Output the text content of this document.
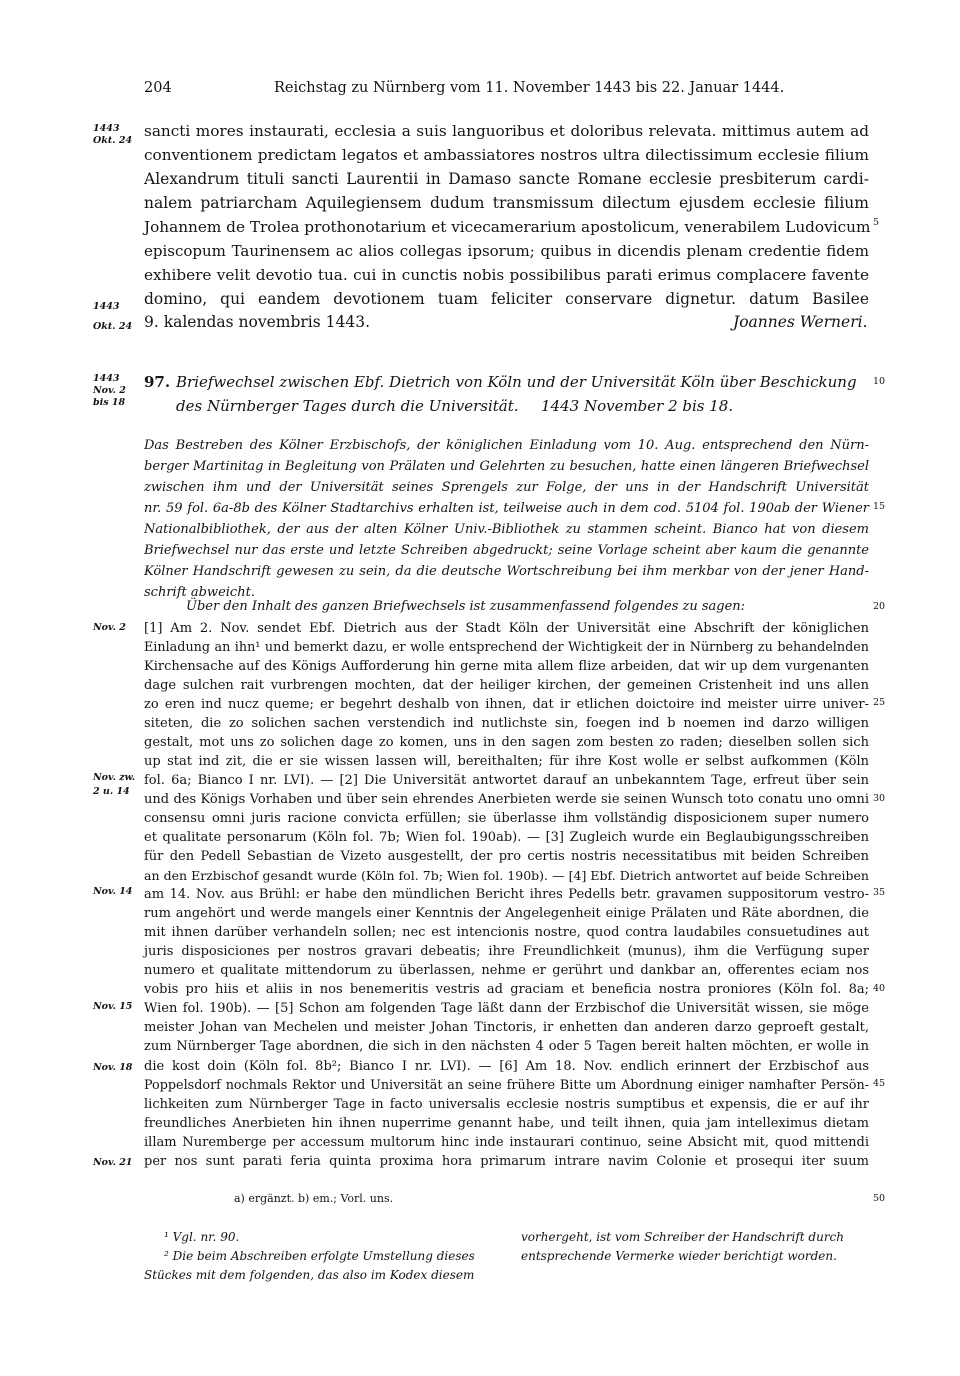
204	Reichstag zu Nürnberg vom 11. November 1443 bis 22. Januar 1444.
1443
Okt. 24
1443
Okt. 24
sancti mores instaurati, ecclesia a suis languoribus et doloribus relevata. mittimus autem ad
conventionem predictam legatos et ambassiatores nostros ultra dilectissimum ecclesie filium
Alexandrum tituli sancti Laurentii in Damaso sancte Romane ecclesie presbiterum cardi-
nalem patriarcham Aquilegiensem dudum transmissum dilectum ejusdem ecclesie filium
Johannem de Trolea prothonotarium et vicecamerarium apostolicum, venerabilem Ludovicum
episcopum Taurinensem ac alios collegas ipsorum; quibus in dicendis plenam credentie fidem
exhibere velit devotio tua. cui in cunctis nobis possibilibus parati erimus complacere favente
domino, qui eandem devotionem tuam feliciter conservare dignetur. datum Basilee
9. kalendas novembris 1443.	Joannes Werneri.
1443
Nov. 2
bis 18
97. Briefwechsel zwischen Ebf. Dietrich von Köln und der Universität Köln über Beschickung
des Nürnberger Tages durch die Universität. 1443 November 2 bis 18.
Das Bestreben des Kölner Erzbischofs, der königlichen Einladung vom 10. Aug. entsprechend den Nürn-
berger Martinitag in Begleitung von Prälaten und Gelehrten zu besuchen, hatte einen längeren Briefwechsel
zwischen ihm und der Universität seines Sprengels zur Folge, der uns in der Handschrift Universität
nr. 59 fol. 6a-8b des Kölner Stadtarchivs erhalten ist, teilweise auch in dem cod. 5104 fol. 190ab der Wiener
Nationalbibliothek, der aus der alten Kölner Univ.-Bibliothek zu stammen scheint. Bianco hat von diesem
Briefwechsel nur das erste und letzte Schreiben abgedruckt; seine Vorlage scheint aber kaum die genannte
Kölner Handschrift gewesen zu sein, da die deutsche Wortschreibung bei ihm merkbar von der jener Hand-
schrift abweicht.
Über den Inhalt des ganzen Briefwechsels ist zusammenfassend folgendes zu sagen:
Nov. 2
Nov. zw.
2 u. 14
Nov. 14
Nov. 15
Nov. 18
Nov. 21
[1] Am 2. Nov. sendet Ebf. Dietrich aus der Stadt Köln der Universität eine Abschrift der königlichen
Einladung an ihn¹ und bemerkt dazu, er wolle entsprechend der Wichtigkeit der in Nürnberg zu behandelnden
Kirchensache auf des Königs Aufforderung hin gerne mita allem flize arbeiden, dat wir up dem vurgenanten
dage sulchen rait vurbrengen mochten, dat der heiliger kirchen, der gemeinen Cristenheit ind uns allen
zo eren ind nucz queme; er begehrt deshalb von ihnen, dat ir etlichen doictoire ind meister uirre univer-
siteten, die zo solichen sachen verstendich ind nutlichste sin, foegen ind b noemen ind darzo willigen
gestalt, mot uns zo solichen dage zo komen, uns in den sagen zom besten zo raden; dieselben sollen sich
up stat ind zit, die er sie wissen lassen will, bereithalten; für ihre Kost wolle er selbst aufkommen (Köln
fol. 6a; Bianco I nr. LVI). — [2] Die Universität antwortet darauf an unbekanntem Tage, erfreut über sein
und des Königs Vorhaben und über sein ehrendes Anerbieten werde sie seinen Wunsch toto conatu uno omni
consensu omni juris racione convicta erfüllen; sie überlasse ihm vollständig disposicionem super numero
et qualitate personarum (Köln fol. 7b; Wien fol. 190ab). — [3] Zugleich wurde ein Beglaubigungsschreiben
für den Pedell Sebastian de Vizeto ausgestellt, der pro certis nostris necessitatibus mit beiden Schreiben
an den Erzbischof gesandt wurde (Köln fol. 7b; Wien fol. 190b). — [4] Ebf. Dietrich antwortet auf beide Schreiben
am 14. Nov. aus Brühl: er habe den mündlichen Bericht ihres Pedells betr. gravamen suppositorum vestro-
rum angehört und werde mangels einer Kenntnis der Angelegenheit einige Prälaten und Räte abordnen, die
mit ihnen darüber verhandeln sollen; nec est intencionis nostre, quod contra laudabiles consuetudines aut
juris disposiciones per nostros gravari debeatis; ihre Freundlichkeit (munus), ihm die Verfügung super
numero et qualitate mittendorum zu überlassen, nehme er gerührt und dankbar an, offerentes eciam nos
vobis pro hiis et aliis in nos benemeritis vestris ad graciam et beneficia nostra proniores (Köln fol. 8a;
Wien fol. 190b). — [5] Schon am folgenden Tage läßt dann der Erzbischof die Universität wissen, sie möge
meister Johan van Mechelen und meister Johan Tinctoris, ir enhetten dan anderen darzo geproeft gestalt,
zum Nürnberger Tage abordnen, die sich in den nächsten 4 oder 5 Tagen bereit halten möchten, er wolle in
die kost doin (Köln fol. 8b²; Bianco I nr. LVI). — [6] Am 18. Nov. endlich erinnert der Erzbischof aus
Poppelsdorf nochmals Rektor und Universität an seine frühere Bitte um Abordnung einiger namhafter Persön-
lichkeiten zum Nürnberger Tage in facto universalis ecclesie nostris sumptibus et expensis, die er auf ihr
freundliches Anerbieten hin ihnen nuperrime genannt habe, und teilt ihnen, quia jam intelleximus dietam
illam Nuremberge per accessum multorum hinc inde instaurari continuo, seine Absicht mit, quod mittendi
per nos sunt parati feria quinta proxima hora primarum intrare navim Colonie et prosequi iter suum
5
10
15
20
25
30
35
40
45
50
a) ergänzt. b) em.; Vorl. uns.
¹ Vgl. nr. 90.
² Die beim Abschreiben erfolgte Umstellung dieses
Stückes mit dem folgenden, das also im Kodex diesem
vorhergeht, ist vom Schreiber der Handschrift durch
entsprechende Vermerke wieder berichtigt worden.
